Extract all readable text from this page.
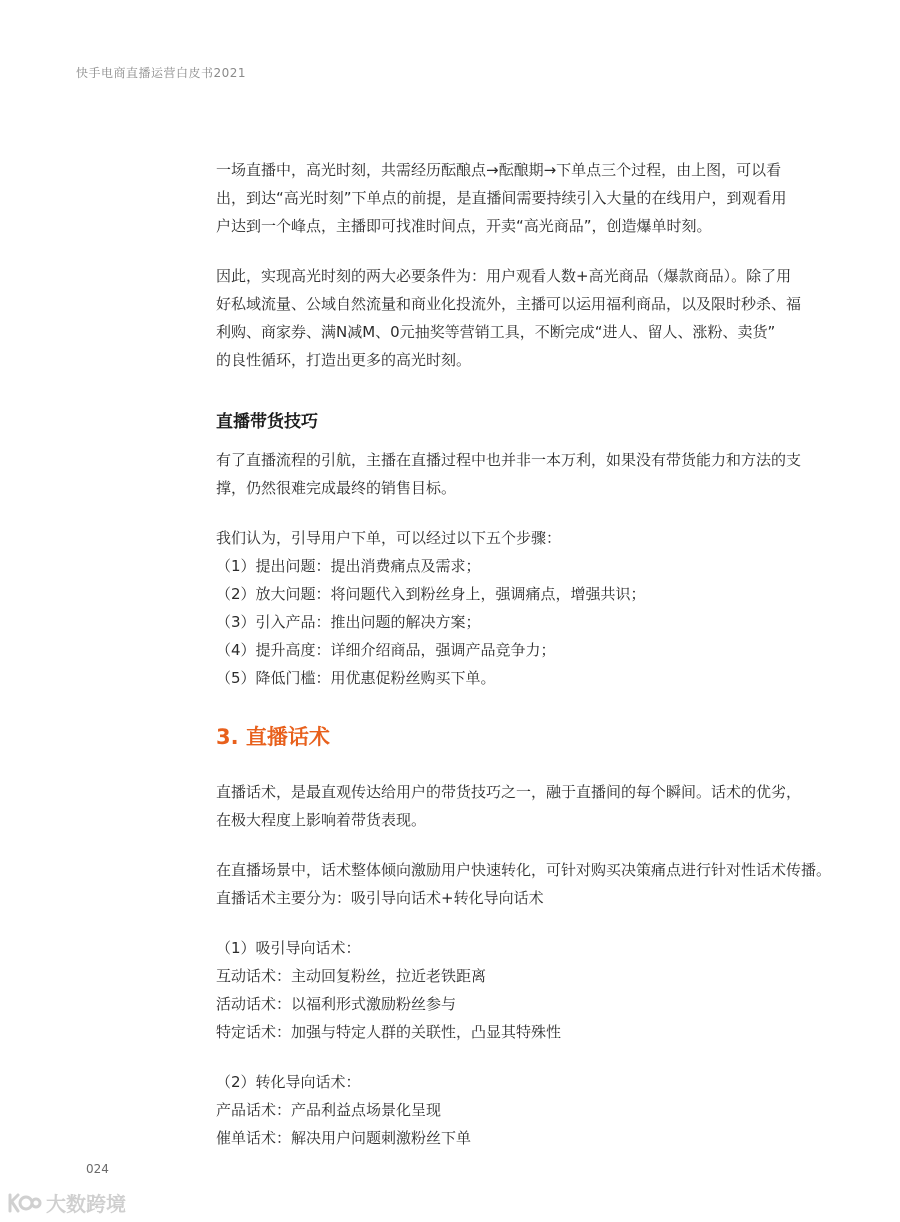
快手电商直播运营白皮书2021
一场直播中，高光时刻，共需经历酝酿点→酝酿期→下单点三个过程，由上图，可以看
出，到达“高光时刻”下单点的前提，是直播间需要持续引入大量的在线用户，到观看用
户达到一个峰点，主播即可找准时间点，开卖“高光商品”，创造爆单时刻。
因此，实现高光时刻的两大必要条件为：用户观看人数+高光商品（爆款商品）。除了用
好私域流量、公域自然流量和商业化投流外，主播可以运用福利商品，以及限时秒杀、福
利购、商家券、满N减M、0元抽奖等营销工具，不断完成“进人、留人、涨粉、卖货”
的良性循环，打造出更多的高光时刻。
直播带货技巧
有了直播流程的引航，主播在直播过程中也并非一本万利，如果没有带货能力和方法的支
撑，仍然很难完成最终的销售目标。
我们认为，引导用户下单，可以经过以下五个步骤：
（1）提出问题：提出消费痛点及需求；
（2）放大问题：将问题代入到粉丝身上，强调痛点，增强共识；
（3）引入产品：推出问题的解决方案；
（4）提升高度：详细介绍商品，强调产品竞争力；
（5）降低门槛：用优惠促粉丝购买下单。
3. 直播话术
直播话术，是最直观传达给用户的带货技巧之一，融于直播间的每个瞬间。话术的优劣，
在极大程度上影响着带货表现。
在直播场景中，话术整体倾向激励用户快速转化，可针对购买决策痛点进行针对性话术传播。
直播话术主要分为：吸引导向话术+转化导向话术
（1）吸引导向话术：
互动话术：主动回复粉丝，拉近老铁距离
活动话术：以福利形式激励粉丝参与
特定话术：加强与特定人群的关联性，凸显其特殊性
（2）转化导向话术：
产品话术：产品利益点场景化呈现
催单话术：解决用户问题刺激粉丝下单
024
大数跨境
